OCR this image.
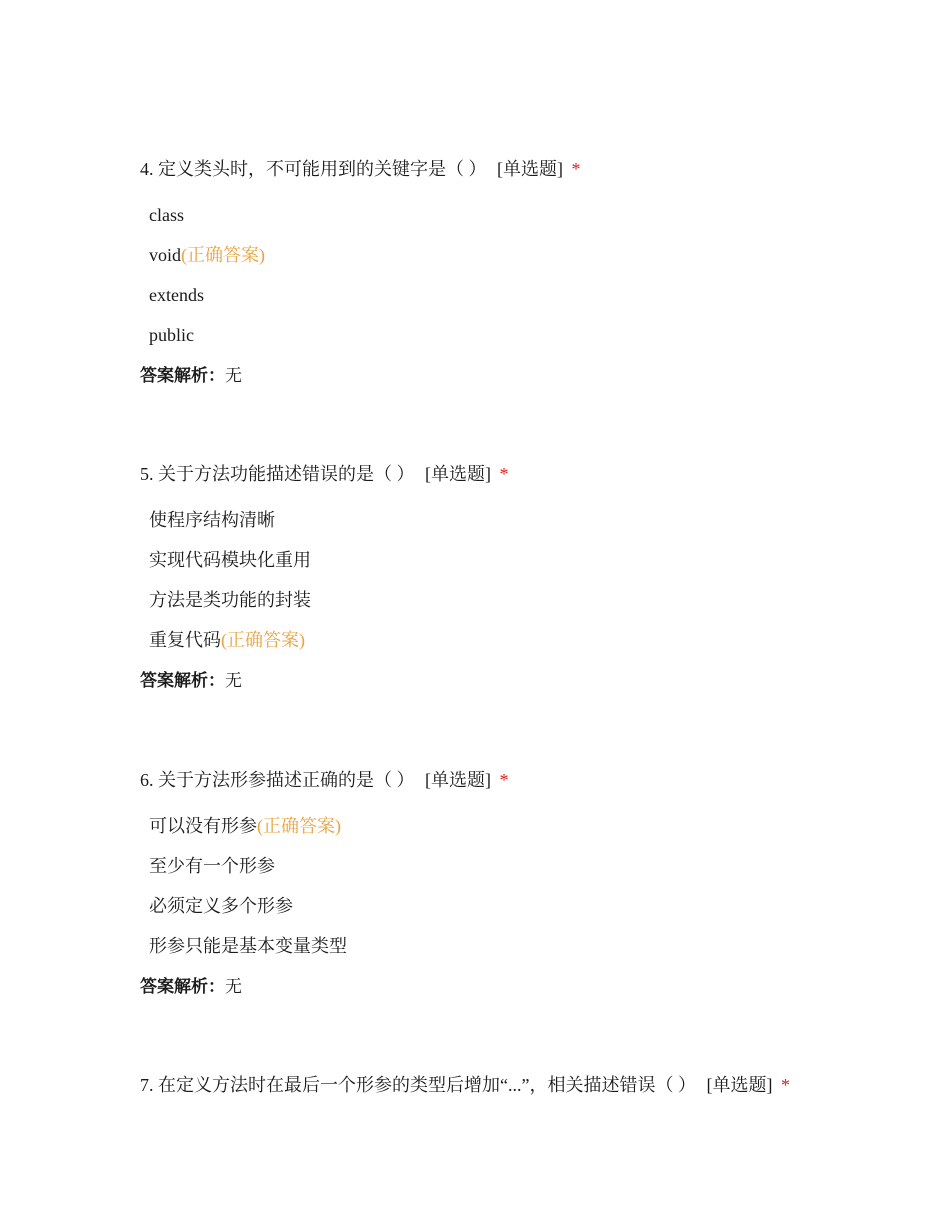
4. 定义类头时，不可能用到的关键字是（ ） [单选题] *
class
void(正确答案)
extends
public
答案解析：无
5. 关于方法功能描述错误的是（ ） [单选题] *
使程序结构清晰
实现代码模块化重用
方法是类功能的封装
重复代码(正确答案)
答案解析：无
6. 关于方法形参描述正确的是（ ） [单选题] *
可以没有形参(正确答案)
至少有一个形参
必须定义多个形参
形参只能是基本变量类型
答案解析：无
7. 在定义方法时在最后一个形参的类型后增加“...”，相关描述错误（ ） [单选题] *
